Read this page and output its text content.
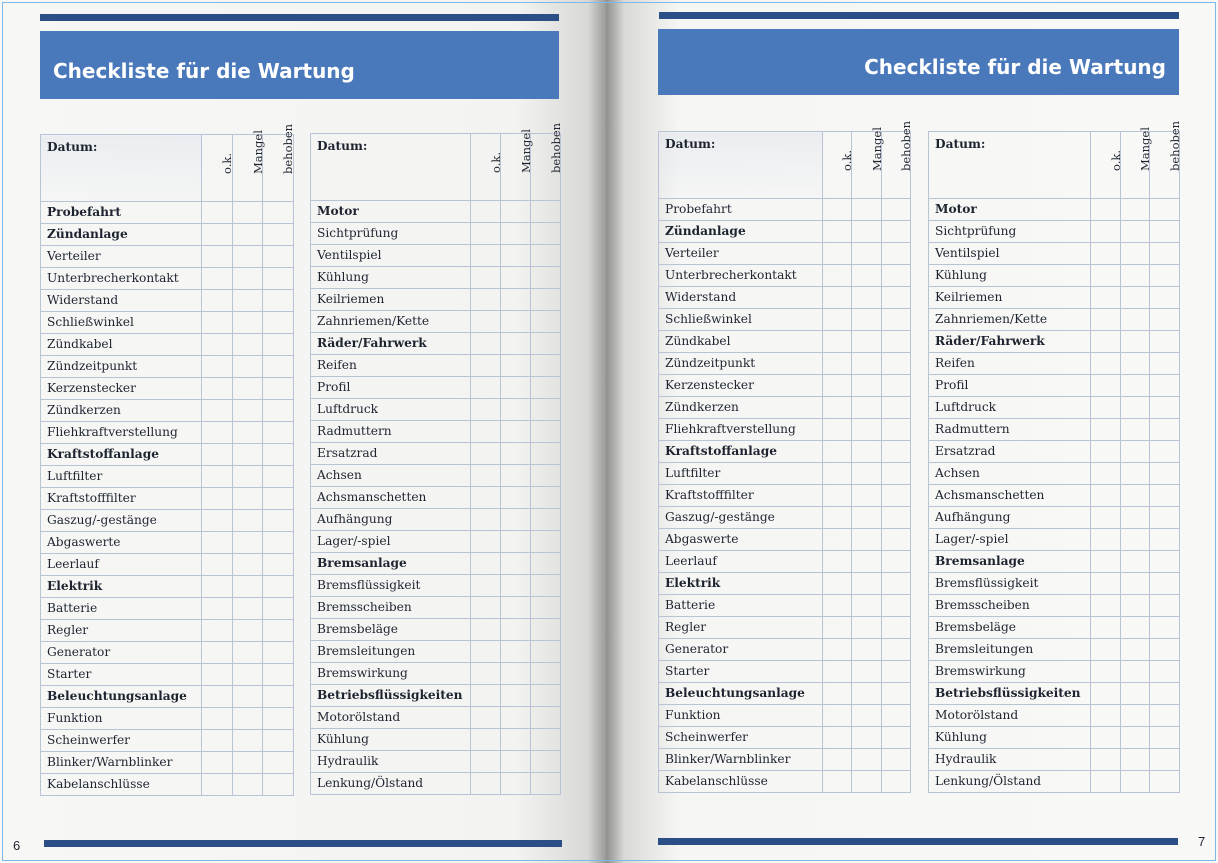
Checkliste für die Wartung
Datum:	o.k.	Mangel	behoben

Probefahrt			
Zündanlage			
Verteiler			
Unterbrecherkontakt			
Widerstand			
Schließwinkel			
Zündkabel			
Zündzeitpunkt			
Kerzenstecker			
Zündkerzen			
Fliehkraftverstellung			
Kraftstoffanlage			
Luftfilter			
Kraftstofffilter			
Gaszug/-gestänge			
Abgaswerte			
Leerlauf			
Elektrik			
Batterie			
Regler			
Generator			
Starter			
Beleuchtungsanlage			
Funktion			
Scheinwerfer			
Blinker/Warnblinker			
Kabelanschlüsse			
Datum:	o.k.	Mangel	behoben

Motor			
Sichtprüfung			
Ventilspiel			
Kühlung			
Keilriemen			
Zahnriemen/Kette			
Räder/Fahrwerk			
Reifen			
Profil			
Luftdruck			
Radmuttern			
Ersatzrad			
Achsen			
Achsmanschetten			
Aufhängung			
Lager/-spiel			
Bremsanlage			
Bremsflüssigkeit			
Bremsscheiben			
Bremsbeläge			
Bremsleitungen			
Bremswirkung			
Betriebsflüssigkeiten			
Motorölstand			
Kühlung			
Hydraulik			
Lenkung/Ölstand			
6
Checkliste für die Wartung
Datum:	o.k.	Mangel	behoben

Probefahrt			
Zündanlage			
Verteiler			
Unterbrecherkontakt			
Widerstand			
Schließwinkel			
Zündkabel			
Zündzeitpunkt			
Kerzenstecker			
Zündkerzen			
Fliehkraftverstellung			
Kraftstoffanlage			
Luftfilter			
Kraftstofffilter			
Gaszug/-gestänge			
Abgaswerte			
Leerlauf			
Elektrik			
Batterie			
Regler			
Generator			
Starter			
Beleuchtungsanlage			
Funktion			
Scheinwerfer			
Blinker/Warnblinker			
Kabelanschlüsse			
Datum:	o.k.	Mangel	behoben

Motor			
Sichtprüfung			
Ventilspiel			
Kühlung			
Keilriemen			
Zahnriemen/Kette			
Räder/Fahrwerk			
Reifen			
Profil			
Luftdruck			
Radmuttern			
Ersatzrad			
Achsen			
Achsmanschetten			
Aufhängung			
Lager/-spiel			
Bremsanlage			
Bremsflüssigkeit			
Bremsscheiben			
Bremsbeläge			
Bremsleitungen			
Bremswirkung			
Betriebsflüssigkeiten			
Motorölstand			
Kühlung			
Hydraulik			
Lenkung/Ölstand			
7
